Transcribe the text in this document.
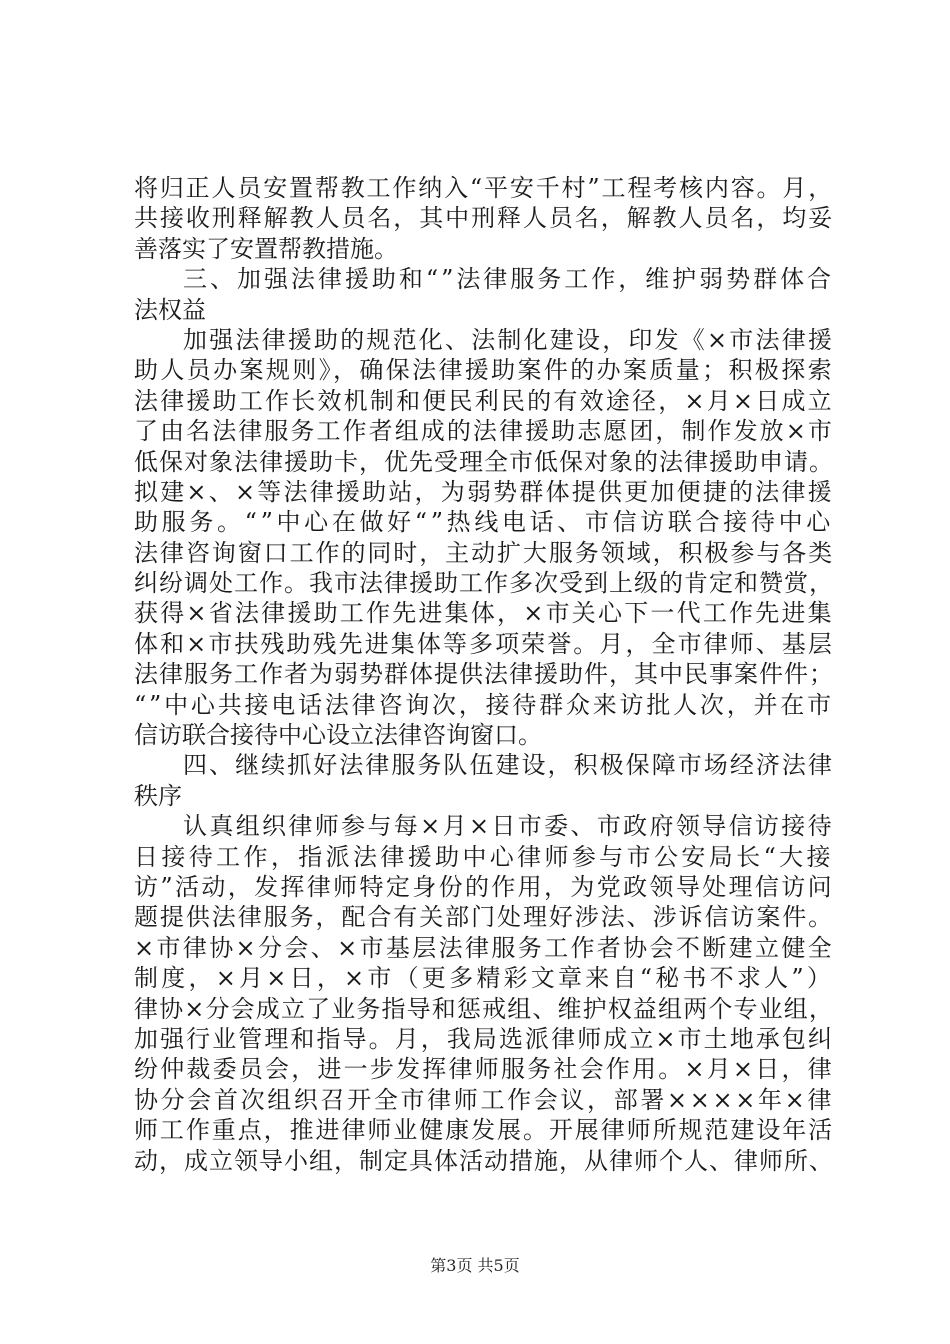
将归正人员安置帮教工作纳入“平安千村”工程考核内容。月，
共接收刑释解教人员名，其中刑释人员名，解教人员名，均妥
善落实了安置帮教措施。
三、加强法律援助和“”法律服务工作，维护弱势群体合
法权益
加强法律援助的规范化、法制化建设，印发《×市法律援
助人员办案规则》，确保法律援助案件的办案质量；积极探索
法律援助工作长效机制和便民利民的有效途径，×月×日成立
了由名法律服务工作者组成的法律援助志愿团，制作发放×市
低保对象法律援助卡，优先受理全市低保对象的法律援助申请。
拟建×、×等法律援助站，为弱势群体提供更加便捷的法律援
助服务。“”中心在做好“”热线电话、市信访联合接待中心
法律咨询窗口工作的同时，主动扩大服务领域，积极参与各类
纠纷调处工作。我市法律援助工作多次受到上级的肯定和赞赏，
获得×省法律援助工作先进集体，×市关心下一代工作先进集
体和×市扶残助残先进集体等多项荣誉。月，全市律师、基层
法律服务工作者为弱势群体提供法律援助件，其中民事案件件；
“”中心共接电话法律咨询次，接待群众来访批人次，并在市
信访联合接待中心设立法律咨询窗口。
四、继续抓好法律服务队伍建设，积极保障市场经济法律
秩序
认真组织律师参与每×月×日市委、市政府领导信访接待
日接待工作，指派法律援助中心律师参与市公安局长“大接
访”活动，发挥律师特定身份的作用，为党政领导处理信访问
题提供法律服务，配合有关部门处理好涉法、涉诉信访案件。
×市律协×分会、×市基层法律服务工作者协会不断建立健全
制度，×月×日，×市（更多精彩文章来自“秘书不求人”）
律协×分会成立了业务指导和惩戒组、维护权益组两个专业组，
加强行业管理和指导。月，我局选派律师成立×市土地承包纠
纷仲裁委员会，进一步发挥律师服务社会作用。×月×日，律
协分会首次组织召开全市律师工作会议，部署××××年×律
师工作重点，推进律师业健康发展。开展律师所规范建设年活
动，成立领导小组，制定具体活动措施，从律师个人、律师所、
第3页 共5页
